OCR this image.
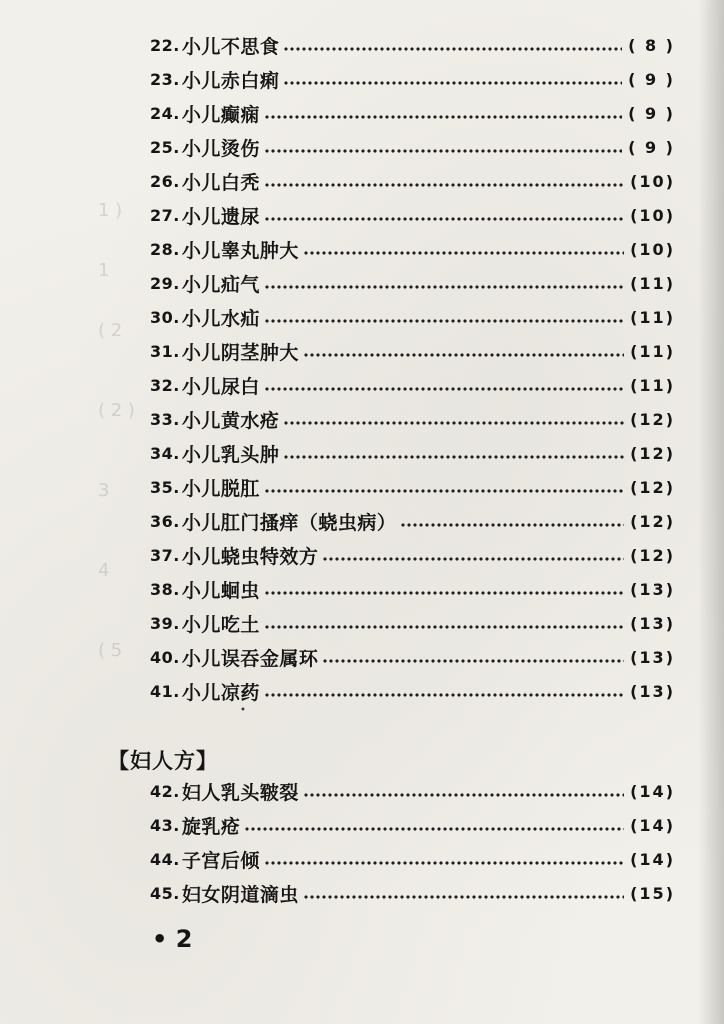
1 )
1
( 2
( 2 )
3
4
( 5
22. 小儿不思食	( 8 )
23. 小儿赤白痢	( 9 )
24. 小儿癫痫	( 9 )
25. 小儿烫伤	( 9 )
26. 小儿白秃	(10)
27. 小儿遗尿	(10)
28. 小儿睾丸肿大	(10)
29. 小儿疝气	(11)
30. 小儿水疝	(11)
31. 小儿阴茎肿大	(11)
32. 小儿尿白	(11)
33. 小儿黄水疮	(12)
34. 小儿乳头肿	(12)
35. 小儿脱肛	(12)
36. 小儿肛门搔痒（蛲虫病）	(12)
37. 小儿蛲虫特效方	(12)
38. 小儿蛔虫	(13)
39. 小儿吃土	(13)
40. 小儿误吞金属环	(13)
41. 小儿凉药	(13)
•
【妇人方】
42. 妇人乳头皲裂	(14)
43. 旋乳疮	(14)
44. 子宫后倾	(14)
45. 妇女阴道滴虫	(15)
• 2
